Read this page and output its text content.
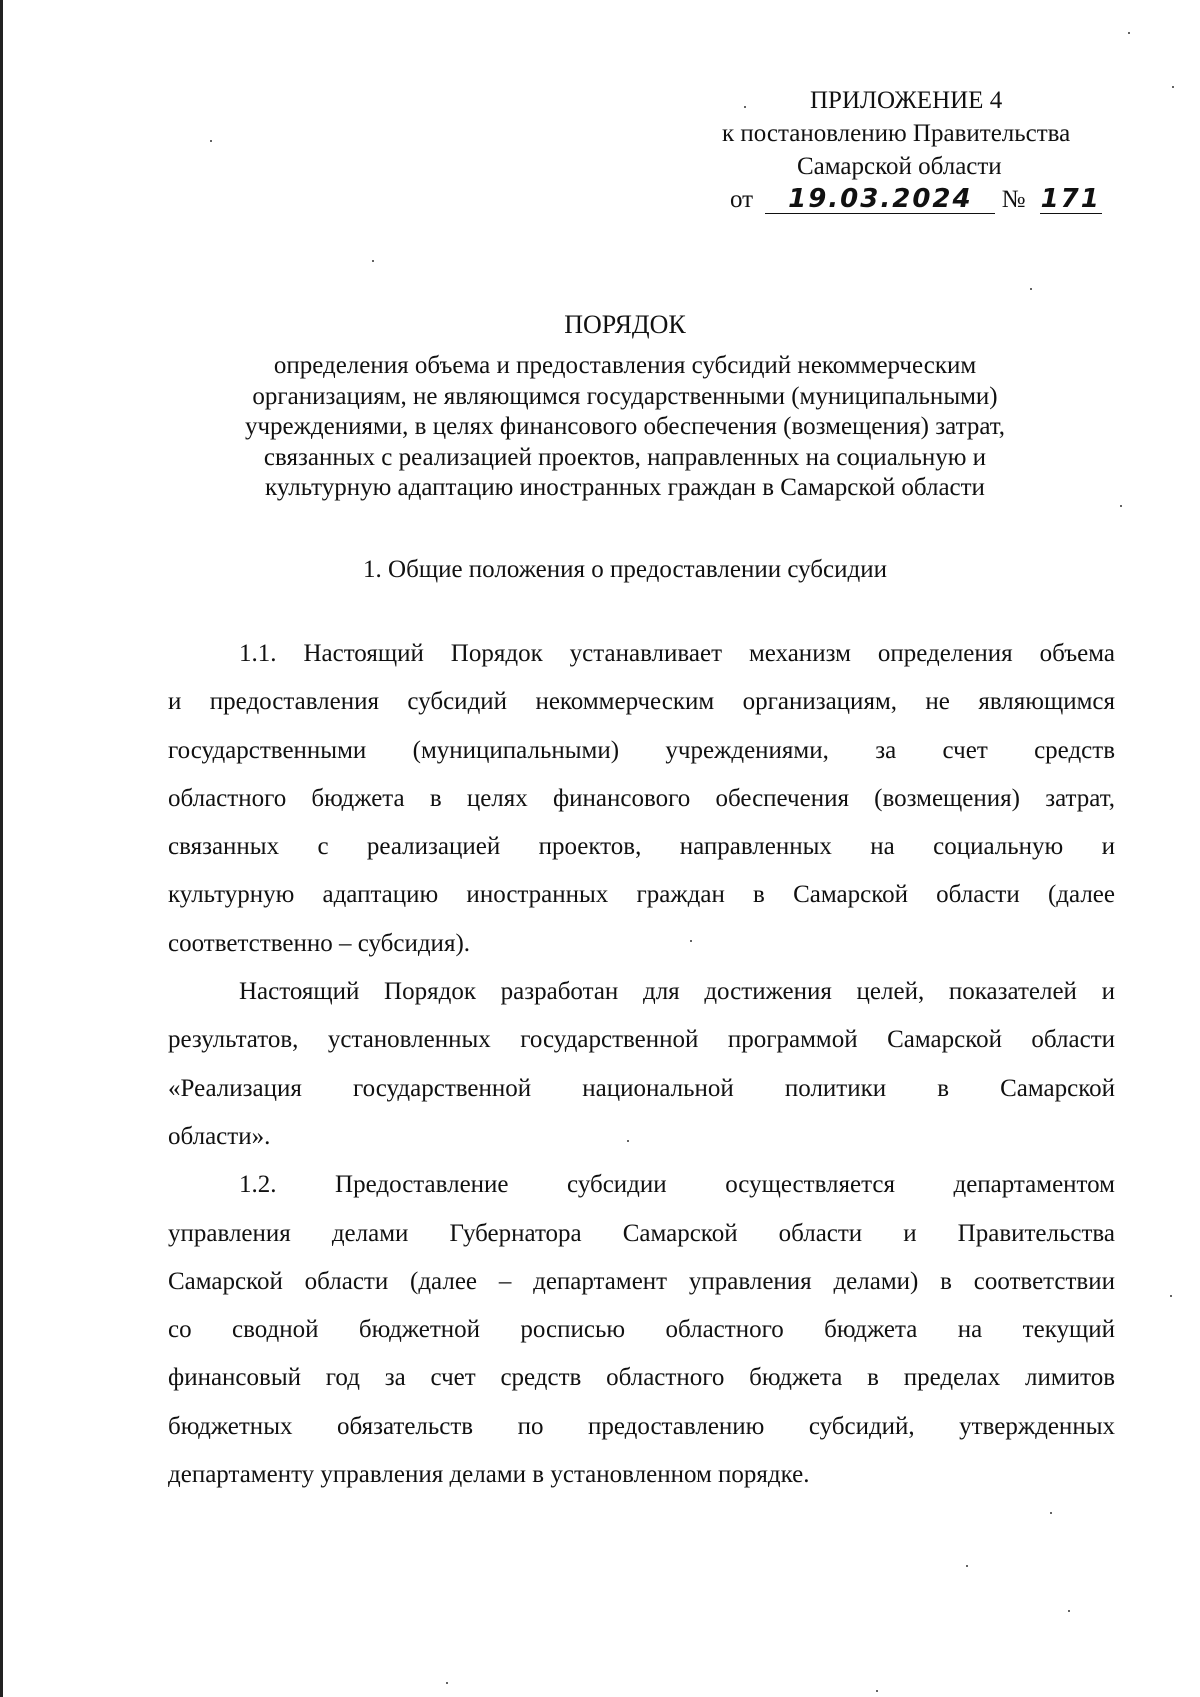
ПРИЛОЖЕНИЕ 4
к постановлению Правительства
Самарской области
от 19.03.2024 № 171
ПОРЯДОК
определения объема и предоставления субсидий некоммерческим
организациям, не являющимся государственными (муниципальными)
учреждениями, в целях финансового обеспечения (возмещения) затрат,
связанных с реализацией проектов, направленных на социальную и
культурную адаптацию иностранных граждан в Самарской области
1. Общие положения о предоставлении субсидии

1.1. Настоящий Порядок устанавливает механизм определения объема
и предоставления субсидий некоммерческим организациям, не являющимся
государственными (муниципальными) учреждениями, за счет средств
областного бюджета в целях финансового обеспечения (возмещения) затрат,
связанных с реализацией проектов, направленных на социальную и
культурную адаптацию иностранных граждан в Самарской области (далее
соответственно – субсидия).

Настоящий Порядок разработан для достижения целей, показателей и
результатов, установленных государственной программой Самарской области
«Реализация государственной национальной политики в Самарской
области».

1.2. Предоставление субсидии осуществляется департаментом
управления делами Губернатора Самарской области и Правительства
Самарской области (далее – департамент управления делами) в соответствии
со сводной бюджетной росписью областного бюджета на текущий
финансовый год за счет средств областного бюджета в пределах лимитов
бюджетных обязательств по предоставлению субсидий, утвержденных
департаменту управления делами в установленном порядке.
